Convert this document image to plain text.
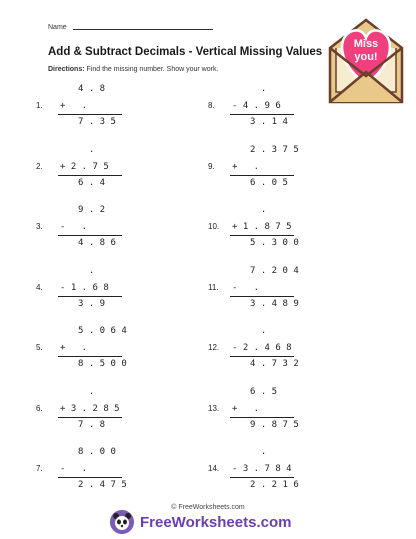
Name
Add & Subtract Decimals - Vertical Missing Values
Directions: Find the missing number. Show your work.
Miss
you!
1.
4 . 8
+   .
7 . 3 5
2.
.
+ 2 . 7 5
6 . 4
3.
9 . 2
-   .
4 . 8 6
4.
.
- 1 . 6 8
3 . 9
5.
5 . 0 6 4
+   .
8 . 5 0 0
6.
.
+ 3 . 2 8 5
7 . 8
7.
8 . 0 0
-   .
2 . 4 7 5
8.
.
- 4 . 9 6
3 . 1 4
9.
2 . 3 7 5
+   .
6 . 0 5
10.
.
+ 1 . 8 7 5
5 . 3 0 0
11.
7 . 2 0 4
-   .
3 . 4 8 9
12.
.
- 2 . 4 6 8
4 . 7 3 2
13.
6 . 5
+   .
9 . 8 7 5
14.
.
- 3 . 7 8 4
2 . 2 1 6
© FreeWorksheets.com
FreeWorksheets.com
